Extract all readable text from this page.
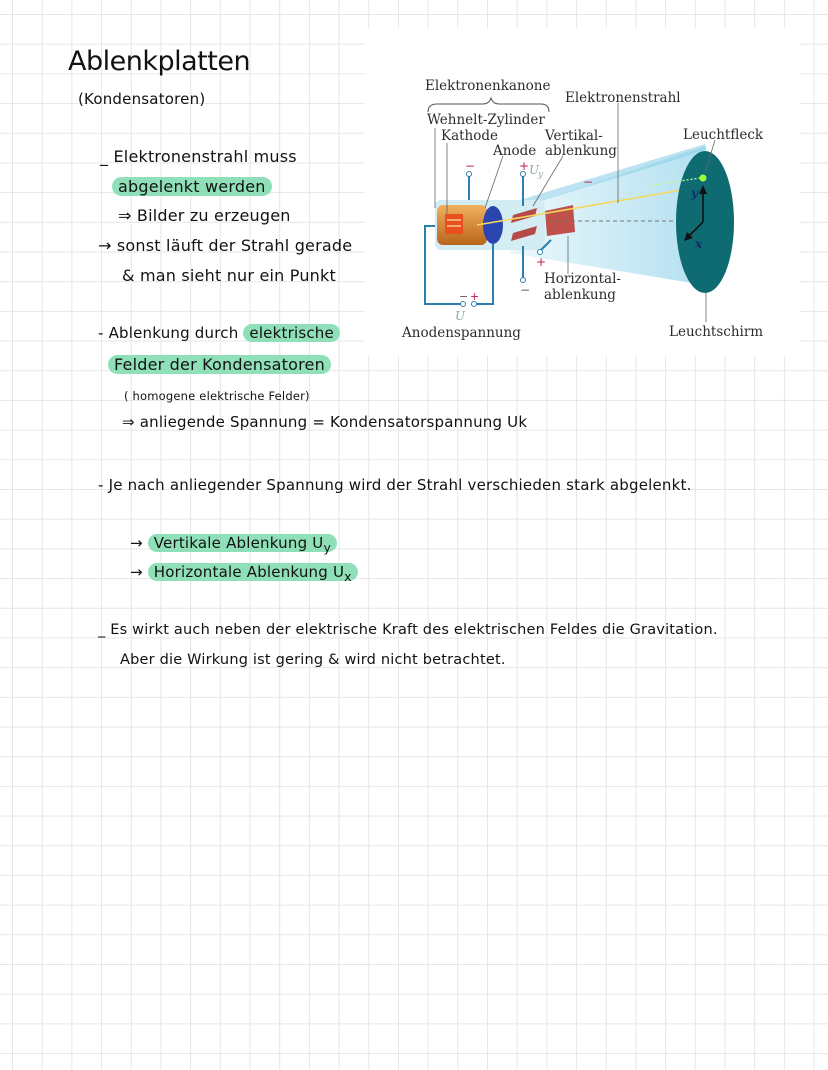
Ablenkplatten
(Kondensatoren)
_ Elektronenstrahl muss
abgelenkt werden
⇒ Bilder zu erzeugen
→ sonst läuft der Strahl gerade
& man sieht nur ein Punkt
y
x
−	+
−
+
−
− +
U
U
y
Elektronenkanone
Elektronenstrahl
Wehnelt-Zylinder
Kathode	Vertikal-
Anode ablenkung
Leuchtfleck
Horizontal-
ablenkung
Anodenspannung	Leuchtschirm
- Ablenkung durch elektrische
Felder der Kondensatoren
( homogene elektrische Felder)
⇒ anliegende Spannung = Kondensatorspannung Uk
- Je nach anliegender Spannung wird der Strahl verschieden stark abgelenkt.
→ Vertikale Ablenkung $U_y$
→ Horizontale Ablenkung $U_x$
_ Es wirkt auch neben der elektrische Kraft des elektrischen Feldes die Gravitation.
Aber die Wirkung ist gering & wird nicht betrachtet.
